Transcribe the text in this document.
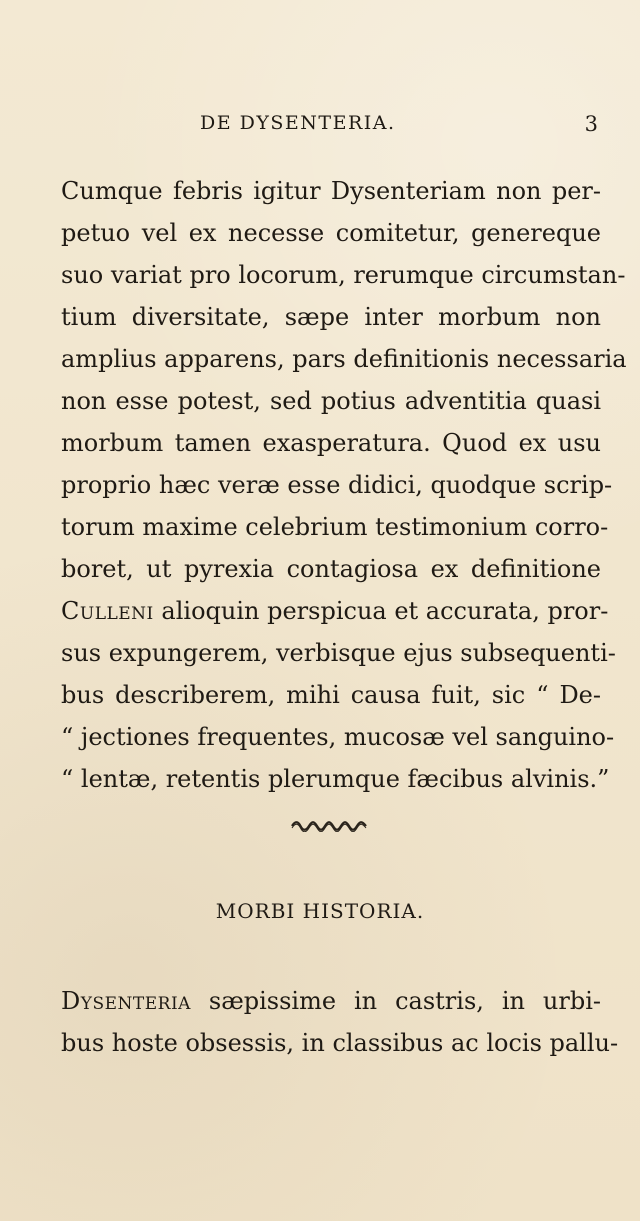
DE DYSENTERIA.	3
Cumque febris igitur Dysenteriam non per-
petuo vel ex necesse comitetur, genereque
suo variat pro locorum, rerumque circumstan-
tium diversitate, sæpe inter morbum non
amplius apparens, pars definitionis necessaria
non esse potest, sed potius adventitia quasi
morbum tamen exasperatura. Quod ex usu
proprio hæc veræ esse didici, quodque scrip-
torum maxime celebrium testimonium corro-
boret, ut pyrexia contagiosa ex definitione
Culleni alioquin perspicua et accurata, pror-
sus expungerem, verbisque ejus subsequenti-
bus describerem, mihi causa fuit, sic “ De-
“ jectiones frequentes, mucosæ vel sanguino-
“ lentæ, retentis plerumque fæcibus alvinis.”
MORBI HISTORIA.
Dysenteria sæpissime in castris, in urbi-
bus hoste obsessis, in classibus ac locis pallu-
